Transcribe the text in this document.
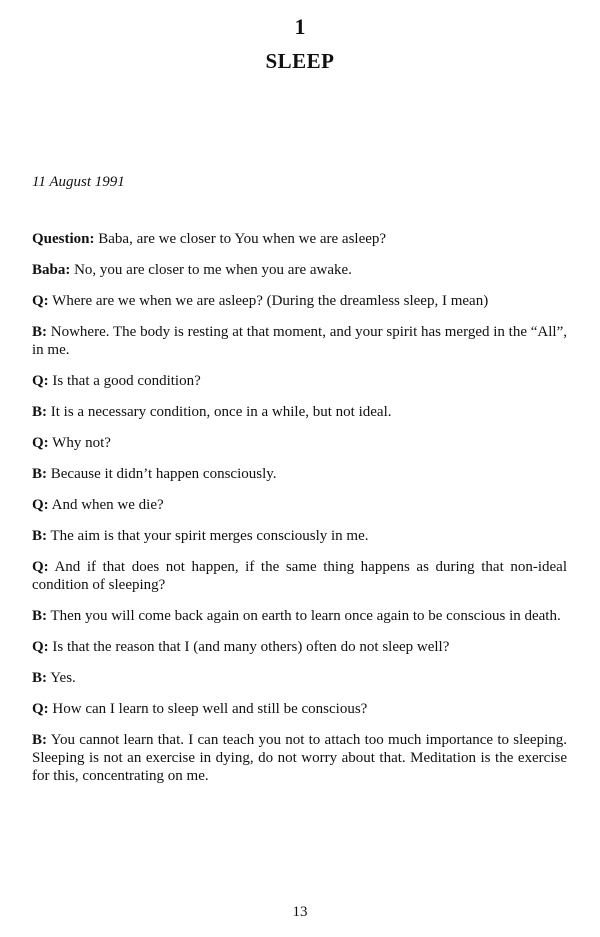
1
SLEEP
11 August 1991

Question: Baba, are we closer to You when we are asleep?

Baba: No, you are closer to me when you are awake.

Q: Where are we when we are asleep? (During the dreamless sleep, I mean)

B: Nowhere. The body is resting at that moment, and your spirit has merged in the “All”, in me.

Q: Is that a good condition?

B: It is a necessary condition, once in a while, but not ideal.

Q: Why not?

B: Because it didn’t happen consciously.

Q: And when we die?

B: The aim is that your spirit merges consciously in me.

Q: And if that does not happen, if the same thing happens as during that non-ideal condition of sleeping?

B: Then you will come back again on earth to learn once again to be conscious in death.

Q: Is that the reason that I (and many others) often do not sleep well?

B: Yes.

Q: How can I learn to sleep well and still be conscious?

B: You cannot learn that. I can teach you not to attach too much importance to sleeping. Sleeping is not an exercise in dying, do not worry about that. Meditation is the exercise for this, concentrating on me.

13
